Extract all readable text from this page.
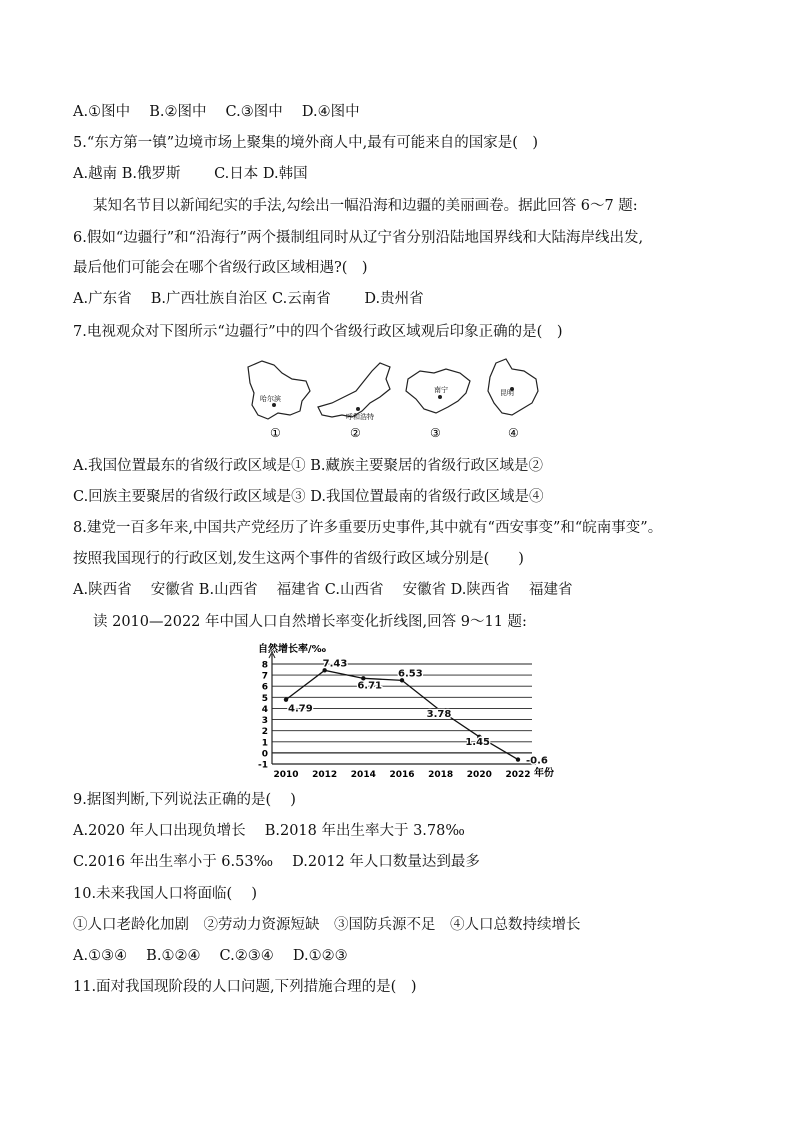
A.①图中　 B.②图中　 C.③图中　 D.④图中
5.“东方第一镇”边境市场上聚集的境外商人中,最有可能来自的国家是(　)
A.越南 B.俄罗斯　　 C.日本 D.韩国
某知名节目以新闻纪实的手法,勾绘出一幅沿海和边疆的美丽画卷。据此回答 6～7 题:
6.假如“边疆行”和“沿海行”两个摄制组同时从辽宁省分别沿陆地国界线和大陆海岸线出发,
最后他们可能会在哪个省级行政区域相遇?(　)
A.广东省　 B.广西壮族自治区 C.云南省　　 D.贵州省
7.电视观众对下图所示“边疆行”中的四个省级行政区域观后印象正确的是(　)
哈尔滨
①
呼和浩特
②
南宁
③
昆明
④
A.我国位置最东的省级行政区域是① B.藏族主要聚居的省级行政区域是②
C.回族主要聚居的省级行政区域是③ D.我国位置最南的省级行政区域是④
8.建党一百多年来,中国共产党经历了许多重要历史事件,其中就有“西安事变”和“皖南事变”。
按照我国现行的行政区划,发生这两个事件的省级行政区域分别是(　　)
A.陕西省　 安徽省 B.山西省　 福建省 C.山西省　 安徽省 D.陕西省　 福建省
读 2010—2022 年中国人口自然增长率变化折线图,回答 9～11 题:
自然增长率/‰
年份
8
7
6
5
4
3
2
1
0
-1
2010 2012 2014 2016 2018 2020 2022
4.79
7.43
6.71
6.53
3.78
1.45
-0.6
9.据图判断,下列说法正确的是(　 )
A.2020 年人口出现负增长　 B.2018 年出生率大于 3.78‰
C.2016 年出生率小于 6.53‰　 D.2012 年人口数量达到最多
10.未来我国人口将面临(　 )
①人口老龄化加剧　②劳动力资源短缺　③国防兵源不足　④人口总数持续增长
A.①③④　 B.①②④　 C.②③④　 D.①②③
11.面对我国现阶段的人口问题,下列措施合理的是(　)
